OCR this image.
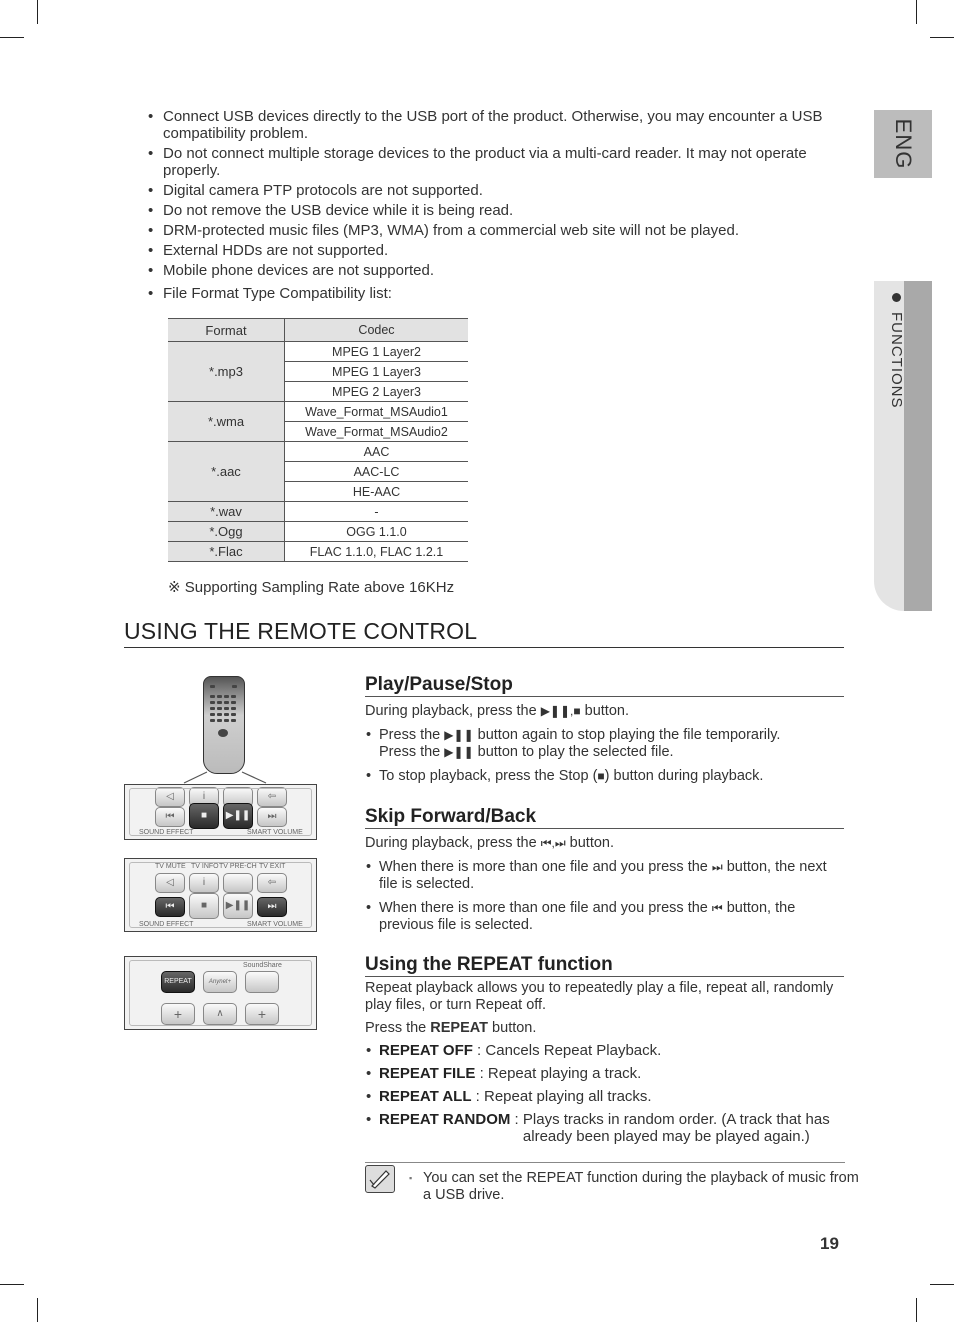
ENG
FUNCTIONS
• Connect USB devices directly to the USB port of the product. Otherwise, you may encounter a USB compatibility problem.
• Do not connect multiple storage devices to the product via a multi-card reader. It may not operate properly.
• Digital camera PTP protocols are not supported.
• Do not remove the USB device while it is being read.
• DRM-protected music files (MP3, WMA) from a commercial web site will not be played.
• External HDDs are not supported.
• Mobile phone devices are not supported.
• File Format Type Compatibility list:
Format	Codec
*.mp3	MPEG 1 Layer2
	MPEG 1 Layer3
	MPEG 2 Layer3
*.wma	Wave_Format_MSAudio1
	Wave_Format_MSAudio2
*.aac	AAC
	AAC-LC
	HE-AAC
*.wav	-
*.Ogg	OGG 1.1.0
*.Flac	FLAC 1.1.0, FLAC 1.2.1
※ Supporting Sampling Rate above 16KHz
USING THE REMOTE CONTROL
◁	i	⇦
⏮	■	▶❚❚	⏭
SOUND EFFECT	SMART VOLUME
TV MUTE TV INFO TV PRE-CH TV EXIT
◁	i	⇦
⏮	■	▶❚❚	⏭
SOUND EFFECT	SMART VOLUME
SoundShare
REPEAT	Anynet+
+	∧	+
Play/Pause/Stop

During playback, press the ▶❚❚,■ button.

• Press the ▶❚❚ button again to stop playing the file temporarily.
Press the ▶❚❚ button to play the selected file.
• To stop playback, press the Stop (■) button during playback.
Skip Forward/Back

During playback, press the ⏮,⏭ button.

• When there is more than one file and you press the ⏭ button, the next file is selected.
• When there is more than one file and you press the ⏮ button, the previous file is selected.
Using the REPEAT function

Repeat playback allows you to repeatedly play a file, repeat all, randomly play files, or turn Repeat off.

Press the REPEAT button.

• REPEAT OFF : Cancels Repeat Playback.
• REPEAT FILE : Repeat playing a track.
• REPEAT ALL : Repeat playing all tracks.
• REPEAT RANDOM : Plays tracks in random order. (A track that has already been played may be played again.)
▪ You can set the REPEAT function during the playback of music from a USB drive.
19
